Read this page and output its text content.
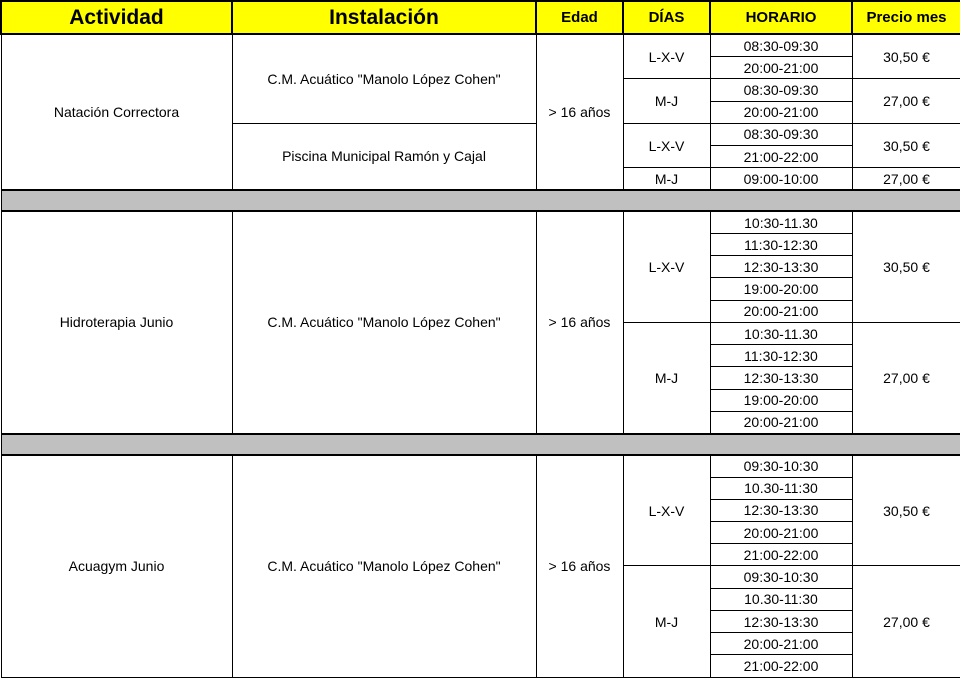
Actividad	Instalación	Edad	DÍAS	HORARIO	Precio mes
Natación Correctora	C.M. Acuático "Manolo López Cohen"	> 16 años	L-X-V	08:30-09:30	30,50 €
				20:00-21:00	
			M-J	08:30-09:30	27,00 €
				20:00-21:00	
	Piscina Municipal Ramón y Cajal		L-X-V	08:30-09:30	30,50 €
				21:00-22:00	
			M-J	09:00-10:00	27,00 €

Hidroterapia Junio	C.M. Acuático "Manolo López Cohen"	> 16 años	L-X-V	10:30-11.30	30,50 €
				11:30-12:30	
				12:30-13:30	
				19:00-20:00	
				20:00-21:00	
			M-J	10:30-11.30	27,00 €
				11:30-12:30	
				12:30-13:30	
				19:00-20:00	
				20:00-21:00	

Acuagym Junio	C.M. Acuático "Manolo López Cohen"	> 16 años	L-X-V	09:30-10:30	30,50 €
				10.30-11:30	
				12:30-13:30	
				20:00-21:00	
				21:00-22:00	
			M-J	09:30-10:30	27,00 €
				10.30-11:30	
				12:30-13:30	
				20:00-21:00	
				21:00-22:00	
